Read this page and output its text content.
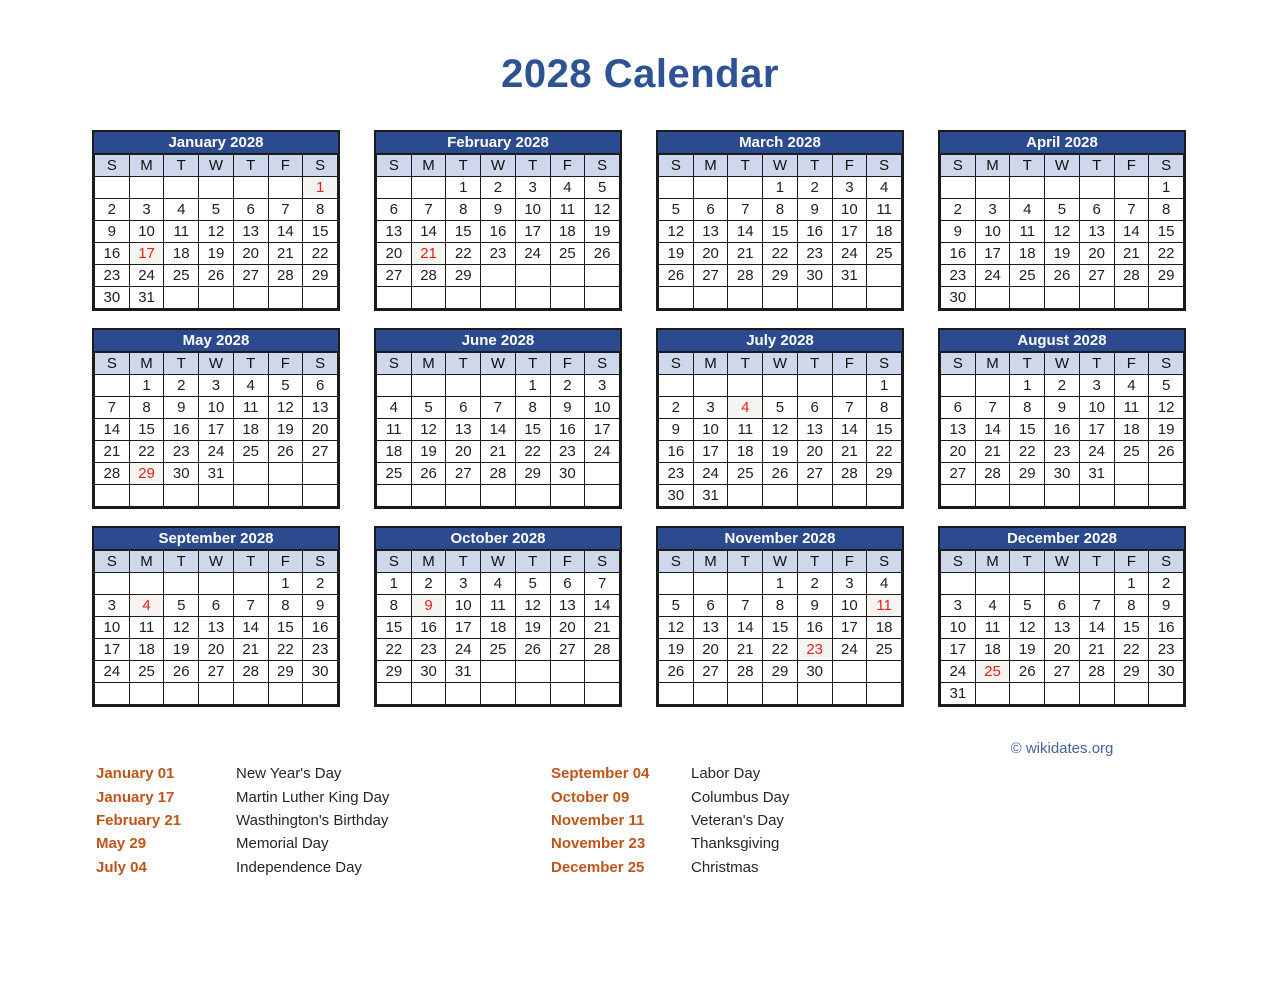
2028 Calendar
January 2028
S	M	T	W	T	F	S
						1
2	3	4	5	6	7	8
9	10	11	12	13	14	15
16	17	18	19	20	21	22
23	24	25	26	27	28	29
30	31					
February 2028
S	M	T	W	T	F	S
		1	2	3	4	5
6	7	8	9	10	11	12
13	14	15	16	17	18	19
20	21	22	23	24	25	26
27	28	29				

March 2028
S	M	T	W	T	F	S
			1	2	3	4
5	6	7	8	9	10	11
12	13	14	15	16	17	18
19	20	21	22	23	24	25
26	27	28	29	30	31	

April 2028
S	M	T	W	T	F	S
						1
2	3	4	5	6	7	8
9	10	11	12	13	14	15
16	17	18	19	20	21	22
23	24	25	26	27	28	29
30						
May 2028
S	M	T	W	T	F	S
	1	2	3	4	5	6
7	8	9	10	11	12	13
14	15	16	17	18	19	20
21	22	23	24	25	26	27
28	29	30	31			

June 2028
S	M	T	W	T	F	S
				1	2	3
4	5	6	7	8	9	10
11	12	13	14	15	16	17
18	19	20	21	22	23	24
25	26	27	28	29	30	

July 2028
S	M	T	W	T	F	S
						1
2	3	4	5	6	7	8
9	10	11	12	13	14	15
16	17	18	19	20	21	22
23	24	25	26	27	28	29
30	31					
August 2028
S	M	T	W	T	F	S
		1	2	3	4	5
6	7	8	9	10	11	12
13	14	15	16	17	18	19
20	21	22	23	24	25	26
27	28	29	30	31		

September 2028
S	M	T	W	T	F	S
					1	2
3	4	5	6	7	8	9
10	11	12	13	14	15	16
17	18	19	20	21	22	23
24	25	26	27	28	29	30

October 2028
S	M	T	W	T	F	S
1	2	3	4	5	6	7
8	9	10	11	12	13	14
15	16	17	18	19	20	21
22	23	24	25	26	27	28
29	30	31				

November 2028
S	M	T	W	T	F	S
			1	2	3	4
5	6	7	8	9	10	11
12	13	14	15	16	17	18
19	20	21	22	23	24	25
26	27	28	29	30		

December 2028
S	M	T	W	T	F	S
					1	2
3	4	5	6	7	8	9
10	11	12	13	14	15	16
17	18	19	20	21	22	23
24	25	26	27	28	29	30
31						
© wikidates.org
January 01	New Year's Day
January 17	Martin Luther King Day
February 21	Wasthington's Birthday
May 29	Memorial Day
July 04	Independence Day
September 04	Labor Day
October 09	Columbus Day
November 11	Veteran's Day
November 23	Thanksgiving
December 25	Christmas
